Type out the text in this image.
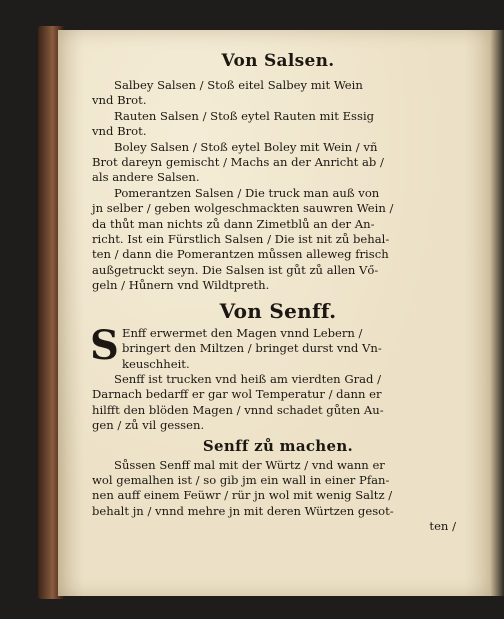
Von Salsen.

Salbey Salsen / Stoß eitel Salbey mit Wein
vnd Brot.

Rauten Salsen / Stoß eytel Rauten mit Essig
vnd Brot.

Boley Salsen / Stoß eytel Boley mit Wein / vñ
Brot dareyn gemischt / Machs an der Anricht ab /
als andere Salsen.

Pomerantzen Salsen / Die truck man auß von
jn selber / geben wolgeschmackten sauwren Wein /
da thůt man nichts zů dann Zimetblů an der An-
richt. Ist ein Fürstlich Salsen / Die ist nit zů behal-
ten / dann die Pomerantzen můssen alleweg frisch
außgetruckt seyn. Die Salsen ist gůt zů allen Vő-
geln / Hůnern vnd Wildtpreth.

Von Senff.

S Enff erwermet den Magen vnnd Lebern /
bringert den Miltzen / bringet durst vnd Vn-
keuschheit.

Senff ist trucken vnd heiß am vierdten Grad /
Darnach bedarff er gar wol Temperatur / dann er
hilfft den blöden Magen / vnnd schadet gůten Au-
gen / zů vil gessen.

Senff zů machen.

Sůssen Senff mal mit der Würtz / vnd wann er
wol gemalhen ist / so gib jm ein wall in einer Pfan-
nen auff einem Feüwr / rür jn wol mit wenig Saltz /
behalt jn / vnnd mehre jn mit deren Würtzen gesot-

ten /
